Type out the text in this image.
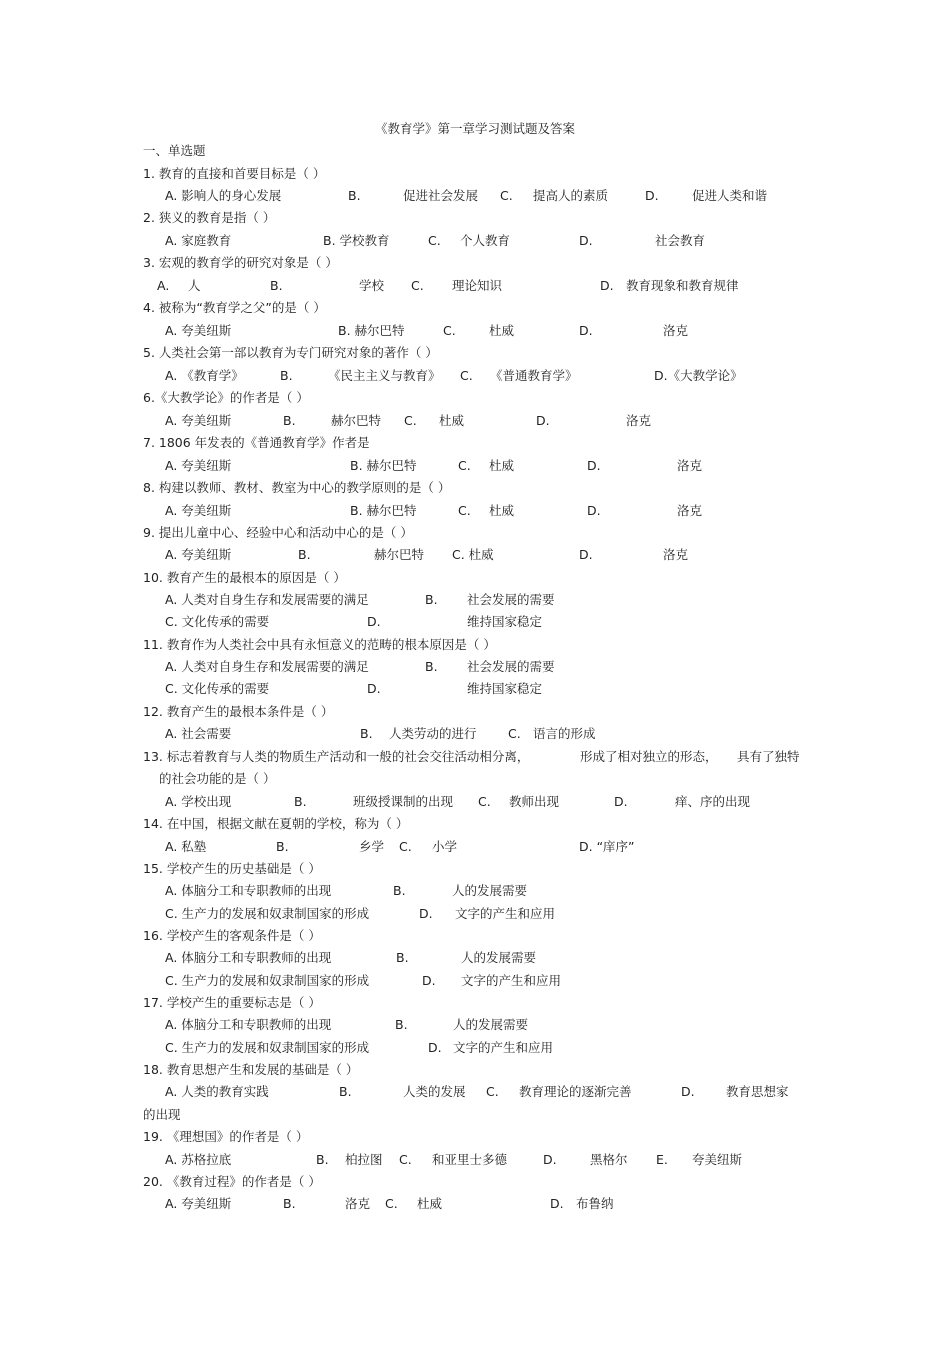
《教育学》第一章学习测试题及答案
一、单选题
1. 教育的直接和首要目标是（ ）
A. 影响人的身心发展	B.	促进社会发展 C. 提高人的素质	D.	促进人类和谐
2. 狭义的教育是指（ ）
A. 家庭教育	B. 学校教育	C. 个人教育	D.	社会教育
3. 宏观的教育学的研究对象是（ ）
A. 人	B.	学校 C. 理论知识	D. 教育现象和教育规律
4. 被称为“教育学之父”的是（ ）
A. 夸美纽斯	B. 赫尔巴特	C.	杜威	D.	洛克
5. 人类社会第一部以教育为专门研究对象的著作（ ）
A. 《教育学》	B.	《民主主义与教育》 C. 《普通教育学》	D.《大教学论》
6.《大教学论》的作者是（ ）
A. 夸美纽斯	B.	赫尔巴特 C. 杜威	D.	洛克
7. 1806 年发表的《普通教育学》作者是
A. 夸美纽斯	B. 赫尔巴特	C. 杜威	D.	洛克
8. 构建以教师、教材、教室为中心的教学原则的是（ ）
A. 夸美纽斯	B. 赫尔巴特	C. 杜威	D.	洛克
9. 提出儿童中心、经验中心和活动中心的是（ ）
A. 夸美纽斯	B.	赫尔巴特 C. 杜威	D.	洛克
10. 教育产生的最根本的原因是（ ）
A. 人类对自身生存和发展需要的满足	B. 社会发展的需要
C. 文化传承的需要	D.	维持国家稳定
11. 教育作为人类社会中具有永恒意义的范畴的根本原因是（ ）
A. 人类对自身生存和发展需要的满足	B. 社会发展的需要
C. 文化传承的需要	D.	维持国家稳定
12. 教育产生的最根本条件是（ ）
A. 社会需要	B. 人类劳动的进行	C. 语言的形成
13. 标志着教育与人类的物质生产活动和一般的社会交往活动相分离，	形成了相对独立的形态， 具有了独特
的社会功能的是（ ）
A. 学校出现	B.	班级授课制的出现 C. 教师出现	D.	痒、序的出现
14. 在中国，根据文献在夏朝的学校，称为（ ）
A. 私塾	B.	乡学 C. 小学	D. “庠序”
15. 学校产生的历史基础是（ ）
A. 体脑分工和专职教师的出现	B.	人的发展需要
C. 生产力的发展和奴隶制国家的形成	D. 文字的产生和应用
16. 学校产生的客观条件是（ ）
A. 体脑分工和专职教师的出现	B.	人的发展需要
C. 生产力的发展和奴隶制国家的形成	D. 文字的产生和应用
17. 学校产生的重要标志是（ ）
A. 体脑分工和专职教师的出现	B.	人的发展需要
C. 生产力的发展和奴隶制国家的形成	D. 文字的产生和应用
18. 教育思想产生和发展的基础是（ ）
A. 人类的教育实践	B.	人类的发展 C. 教育理论的逐渐完善	D.	教育思想家
的出现
19. 《理想国》的作者是（ ）
A. 苏格拉底	B. 柏拉图 C. 和亚里士多德	D.	黑格尔 E. 夸美纽斯
20. 《教育过程》的作者是（ ）
A. 夸美纽斯	B.	洛克 C. 杜威	D. 布鲁纳
